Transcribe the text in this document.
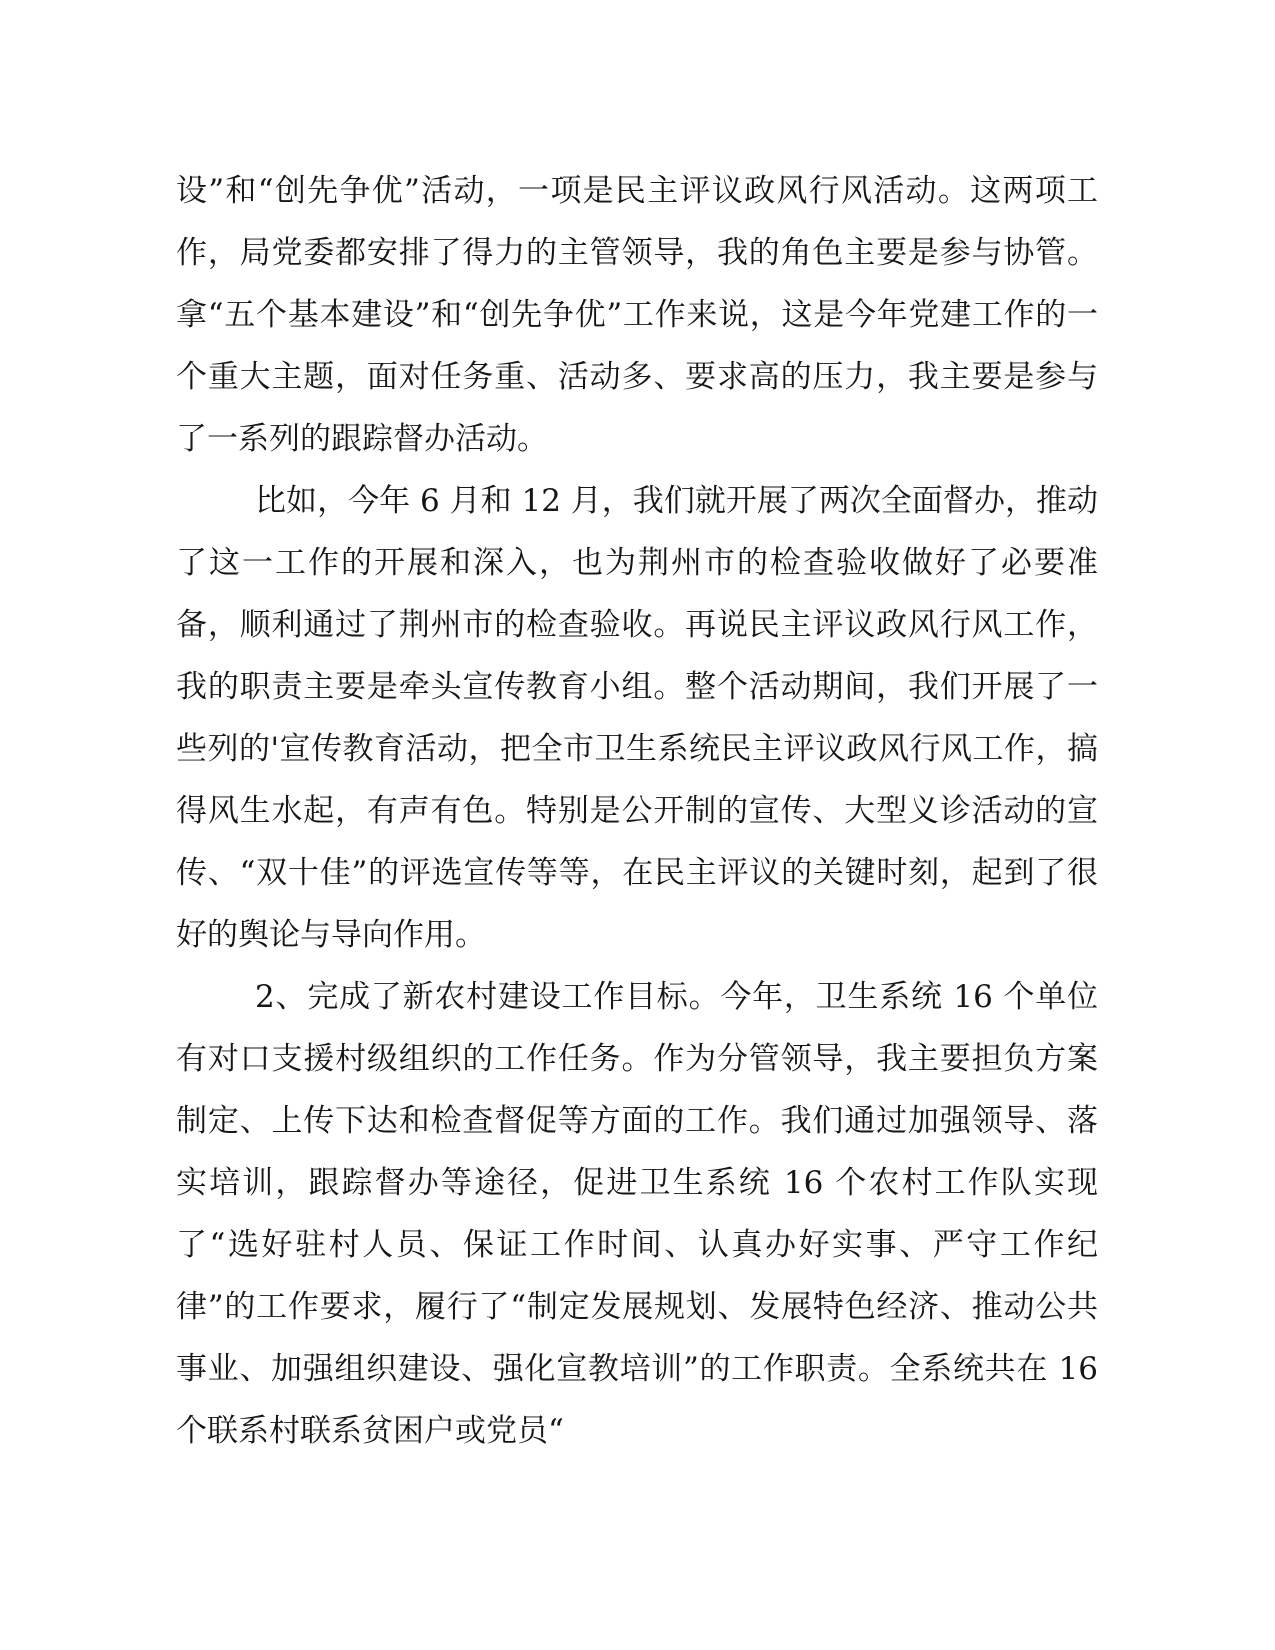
设”和“创先争优”活动，一项是民主评议政风行风活动。这两项工作，局党委都安排了得力的主管领导，我的角色主要是参与协管。拿“五个基本建设”和“创先争优”工作来说，这是今年党建工作的一个重大主题，面对任务重、活动多、要求高的压力，我主要是参与了一系列的跟踪督办活动。

比如，今年 6 月和 12 月，我们就开展了两次全面督办，推动了这一工作的开展和深入，也为荆州市的检查验收做好了必要准备，顺利通过了荆州市的检查验收。再说民主评议政风行风工作，我的职责主要是牵头宣传教育小组。整个活动期间，我们开展了一些列的'宣传教育活动，把全市卫生系统民主评议政风行风工作，搞得风生水起，有声有色。特别是公开制的宣传、大型义诊活动的宣传、“双十佳”的评选宣传等等，在民主评议的关键时刻，起到了很好的舆论与导向作用。

2、完成了新农村建设工作目标。今年，卫生系统 16 个单位有对口支援村级组织的工作任务。作为分管领导，我主要担负方案制定、上传下达和检查督促等方面的工作。我们通过加强领导、落实培训，跟踪督办等途径，促进卫生系统 16 个农村工作队实现了“选好驻村人员、保证工作时间、认真办好实事、严守工作纪律”的工作要求，履行了“制定发展规划、发展特色经济、推动公共事业、加强组织建设、强化宣教培训”的工作职责。全系统共在 16 个联系村联系贫困户或党员“
